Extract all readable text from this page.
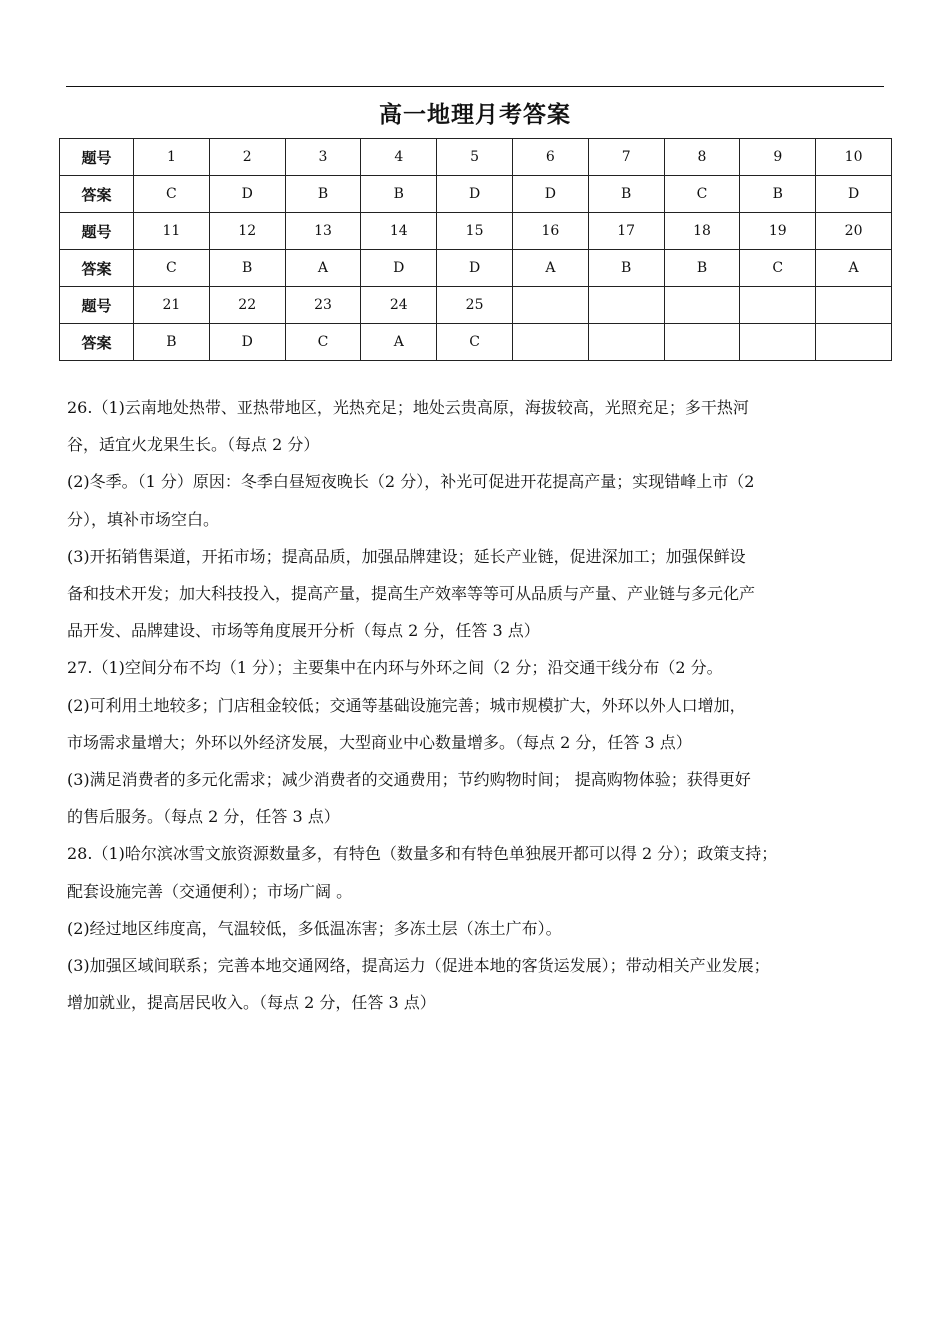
高一地理月考答案
题号	1	2	3	4	5	6	7	8	9	10
答案	C	D	B	B	D	D	B	C	B	D
题号	11	12	13	14	15	16	17	18	19	20
答案	C	B	A	D	D	A	B	B	C	A
题号	21	22	23	24	25					
答案	B	D	C	A	C					

26.（1)云南地处热带、亚热带地区，光热充足；地处云贵高原，海拔较高，光照充足；多干热河

谷，适宜火龙果生长。（每点 2 分）

(2)冬季。（1 分）原因：冬季白昼短夜晚长（2 分），补光可促进开花提高产量；实现错峰上市（2

分），填补市场空白。

(3)开拓销售渠道，开拓市场；提高品质，加强品牌建设；延长产业链，促进深加工；加强保鲜设

备和技术开发；加大科技投入，提高产量，提高生产效率等等可从品质与产量、产业链与多元化产

品开发、品牌建设、市场等角度展开分析（每点 2 分，任答 3 点）

27.（1)空间分布不均（1 分）；主要集中在内环与外环之间（2 分；沿交通干线分布（2 分。

(2)可利用土地较多；门店租金较低；交通等基础设施完善；城市规模扩大，外环以外人口增加，

市场需求量增大；外环以外经济发展，大型商业中心数量增多。（每点 2 分，任答 3 点）

(3)满足消费者的多元化需求；减少消费者的交通费用；节约购物时间； 提高购物体验；获得更好

的售后服务。（每点 2 分，任答 3 点）

28.（1)哈尔滨冰雪文旅资源数量多，有特色（数量多和有特色单独展开都可以得 2 分）；政策支持；

配套设施完善（交通便利）；市场广阔 。

(2)经过地区纬度高，气温较低，多低温冻害；多冻土层（冻土广布）。

(3)加强区域间联系；完善本地交通网络，提高运力（促进本地的客货运发展）；带动相关产业发展；

增加就业，提高居民收入。（每点 2 分，任答 3 点）
